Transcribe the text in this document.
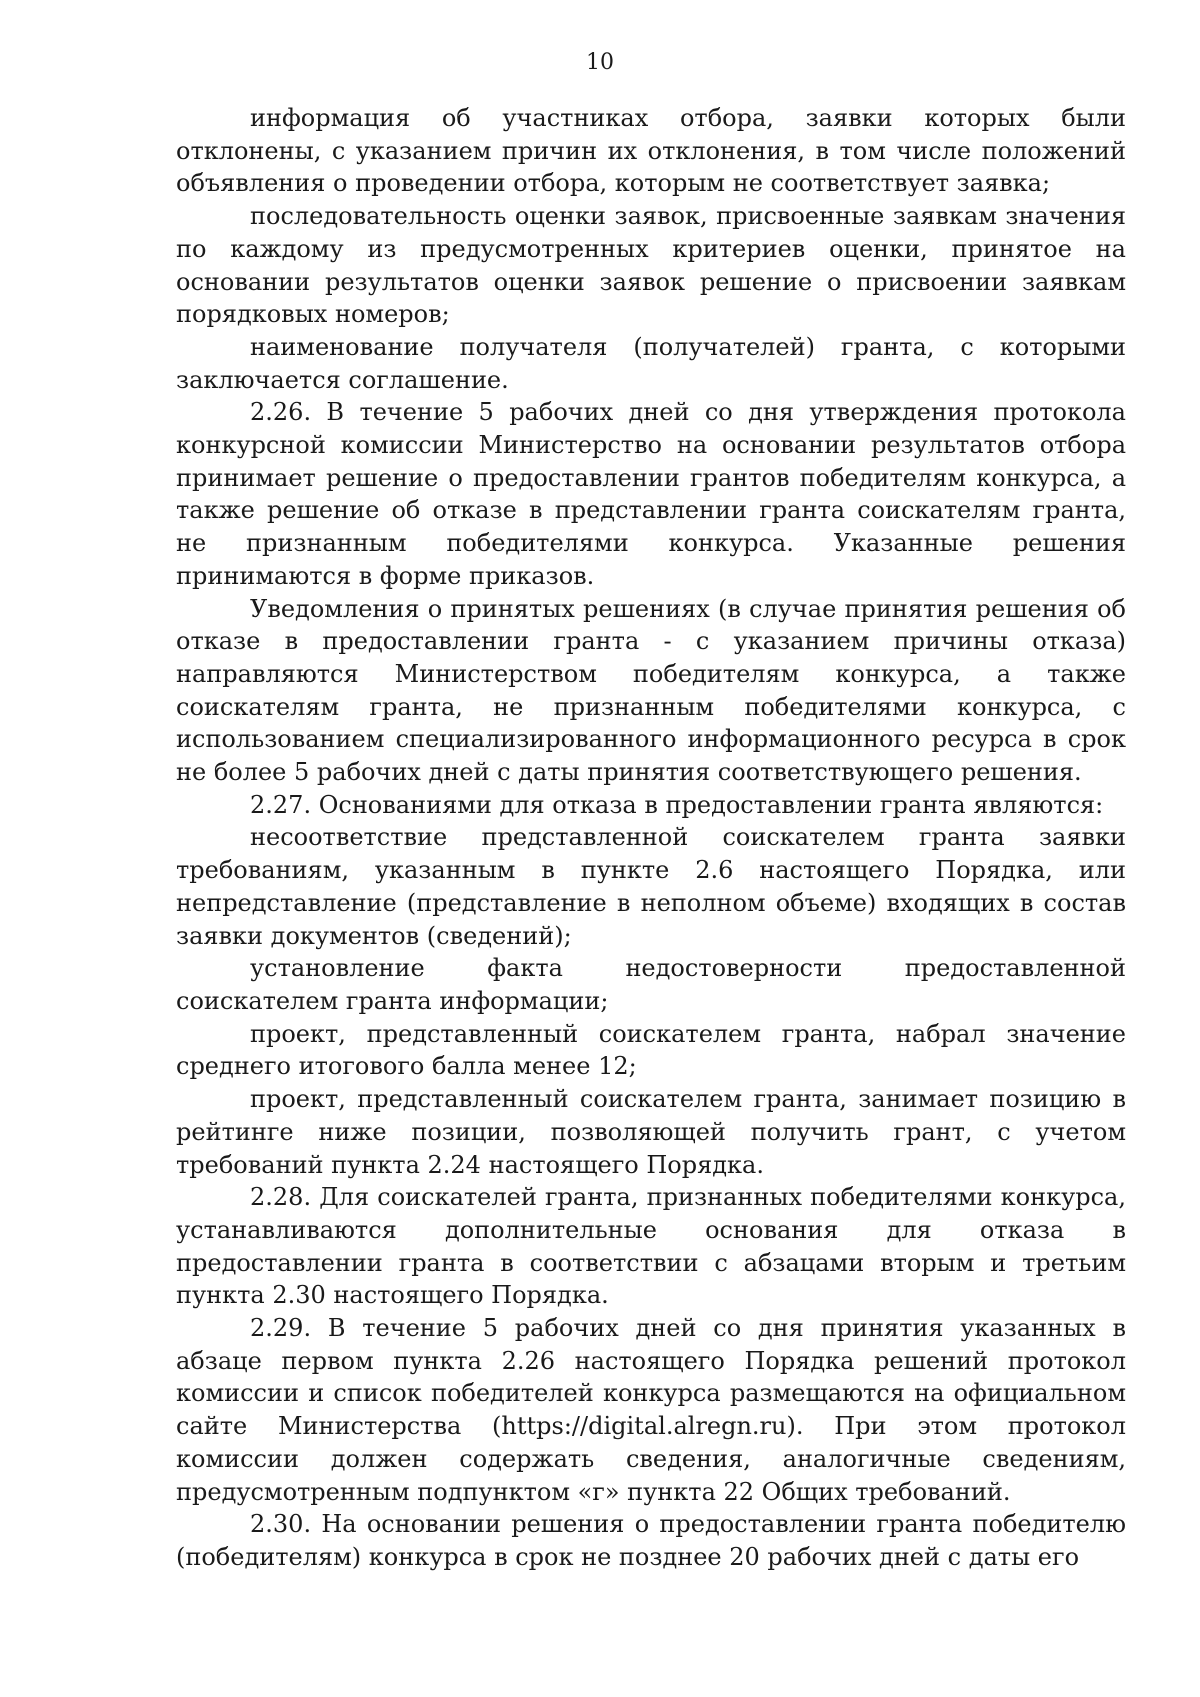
10

информация об участниках отбора, заявки которых были отклонены, с указанием причин их отклонения, в том числе положений объявления о проведении отбора, которым не соответствует заявка;

последовательность оценки заявок, присвоенные заявкам значения по каждому из предусмотренных критериев оценки, принятое на основании результатов оценки заявок решение о присвоении заявкам порядковых номеров;

наименование получателя (получателей) гранта, с которыми заключается соглашение.

2.26. В течение 5 рабочих дней со дня утверждения протокола конкурсной комиссии Министерство на основании результатов отбора принимает решение о предоставлении грантов победителям конкурса, а также решение об отказе в представлении гранта соискателям гранта, не признанным победителями конкурса. Указанные решения принимаются в форме приказов.

Уведомления о принятых решениях (в случае принятия решения об отказе в предоставлении гранта - с указанием причины отказа) направляются Министерством победителям конкурса, а также соискателям гранта, не признанным победителями конкурса, с использованием специализированного информационного ресурса в срок не более 5 рабочих дней с даты принятия соответствующего решения.

2.27. Основаниями для отказа в предоставлении гранта являются:

несоответствие представленной соискателем гранта заявки требованиям, указанным в пункте 2.6 настоящего Порядка, или непредставление (представление в неполном объеме) входящих в состав заявки документов (сведений);

установление факта недостоверности предоставленной соискателем гранта информации;

проект, представленный соискателем гранта, набрал значение среднего итогового балла менее 12;

проект, представленный соискателем гранта, занимает позицию в рейтинге ниже позиции, позволяющей получить грант, с учетом требований пункта 2.24 настоящего Порядка.

2.28. Для соискателей гранта, признанных победителями конкурса, устанавливаются дополнительные основания для отказа в предоставлении гранта в соответствии с абзацами вторым и третьим пункта 2.30 настоящего Порядка.

2.29. В течение 5 рабочих дней со дня принятия указанных в абзаце первом пункта 2.26 настоящего Порядка решений протокол комиссии и список победителей конкурса размещаются на официальном сайте Министерства (https://digital.alregn.ru). При этом протокол комиссии должен содержать сведения, аналогичные сведениям, предусмотренным подпунктом «г» пункта 22 Общих требований.

2.30. На основании решения о предоставлении гранта победителю (победителям) конкурса в срок не позднее 20 рабочих дней с даты его
